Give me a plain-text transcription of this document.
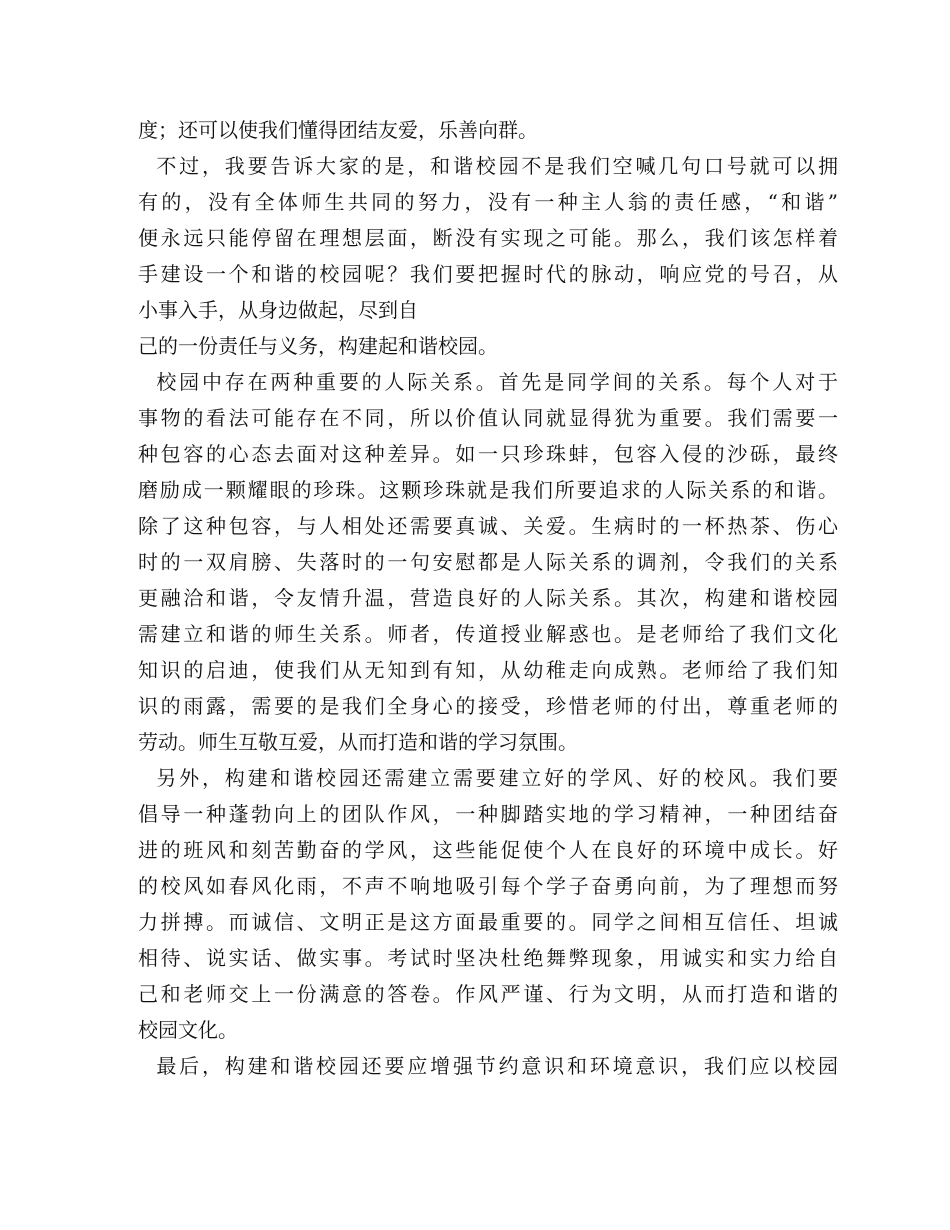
度；还可以使我们懂得团结友爱，乐善向群。
不过，我要告诉大家的是，和谐校园不是我们空喊几句口号就可以拥
有的，没有全体师生共同的努力，没有一种主人翁的责任感，“和谐”
便永远只能停留在理想层面，断没有实现之可能。那么，我们该怎样着
手建设一个和谐的校园呢？我们要把握时代的脉动，响应党的号召，从
小事入手，从身边做起，尽到自
己的一份责任与义务，构建起和谐校园。
校园中存在两种重要的人际关系。首先是同学间的关系。每个人对于
事物的看法可能存在不同，所以价值认同就显得犹为重要。我们需要一
种包容的心态去面对这种差异。如一只珍珠蚌，包容入侵的沙砾，最终
磨励成一颗耀眼的珍珠。这颗珍珠就是我们所要追求的人际关系的和谐。
除了这种包容，与人相处还需要真诚、关爱。生病时的一杯热茶、伤心
时的一双肩膀、失落时的一句安慰都是人际关系的调剂，令我们的关系
更融洽和谐，令友情升温，营造良好的人际关系。其次，构建和谐校园
需建立和谐的师生关系。师者，传道授业解惑也。是老师给了我们文化
知识的启迪，使我们从无知到有知，从幼稚走向成熟。老师给了我们知
识的雨露，需要的是我们全身心的接受，珍惜老师的付出，尊重老师的
劳动。师生互敬互爱，从而打造和谐的学习氛围。
另外，构建和谐校园还需建立需要建立好的学风、好的校风。我们要
倡导一种蓬勃向上的团队作风，一种脚踏实地的学习精神，一种团结奋
进的班风和刻苦勤奋的学风，这些能促使个人在良好的环境中成长。好
的校风如春风化雨，不声不响地吸引每个学子奋勇向前，为了理想而努
力拼搏。而诚信、文明正是这方面最重要的。同学之间相互信任、坦诚
相待、说实话、做实事。考试时坚决杜绝舞弊现象，用诚实和实力给自
己和老师交上一份满意的答卷。作风严谨、行为文明，从而打造和谐的
校园文化。
最后，构建和谐校园还要应增强节约意识和环境意识，我们应以校园
